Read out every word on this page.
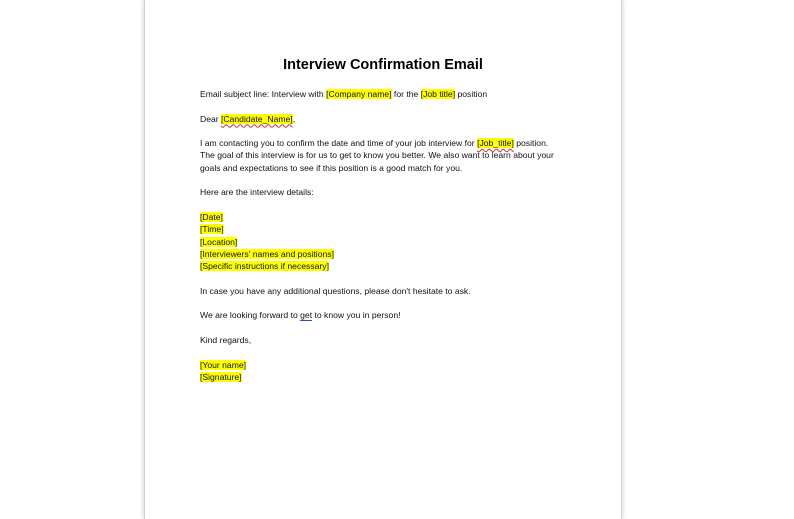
Interview Confirmation Email

Email subject line: Interview with [Company name] for the [Job title] position

Dear [Candidate_Name],

I am contacting you to confirm the date and time of your job interview for [Job_title] position.
The goal of this interview is for us to get to know you better. We also want to learn about your
goals and expectations to see if this position is a good match for you.

Here are the interview details:

[Date]
[Time]
[Location]
[Interviewers' names and positions]
[Specific instructions if necessary]

In case you have any additional questions, please don't hesitate to ask.

We are looking forward to get to know you in person!

Kind regards,

[Your name]
[Signature]
